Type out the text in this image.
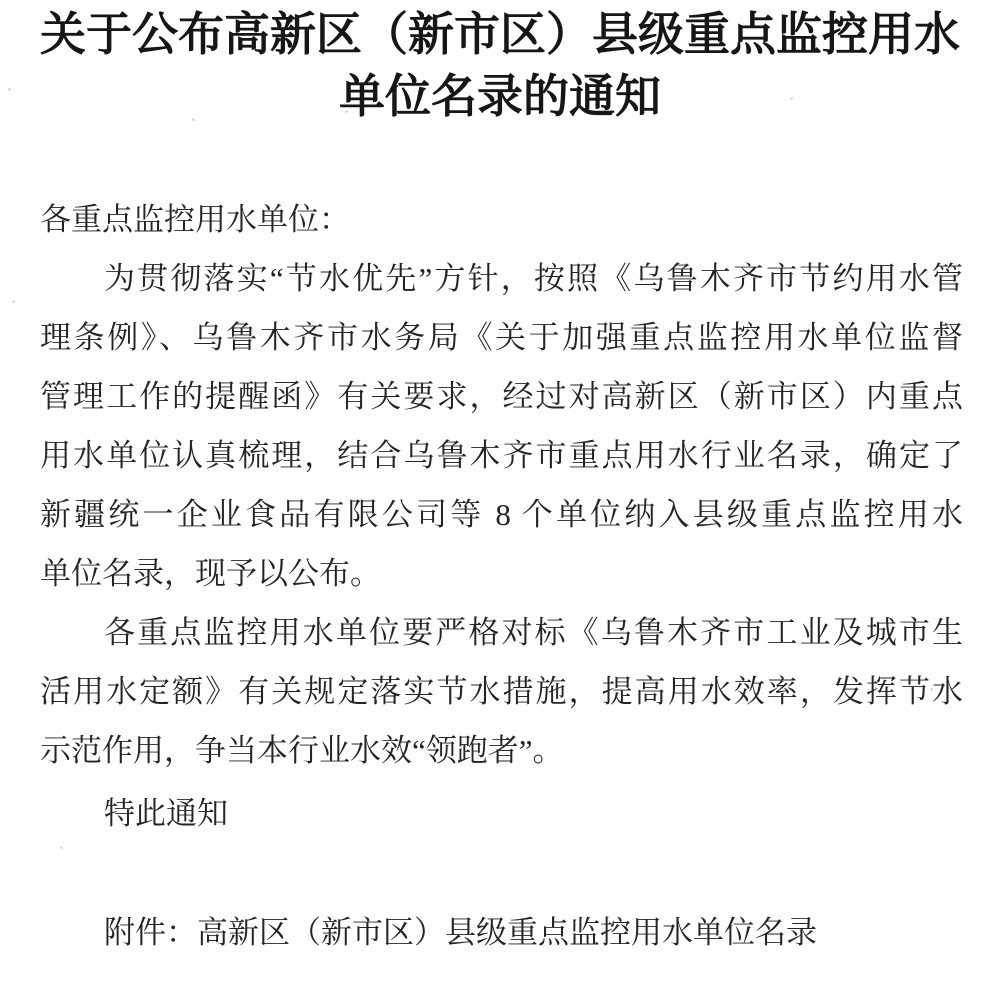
关于公布高新区（新市区）县级重点监控用水
单位名录的通知
各重点监控用水单位：
为贯彻落实“节水优先”方针，按照《乌鲁木齐市节约用水管
理条例》、乌鲁木齐市水务局《关于加强重点监控用水单位监督
管理工作的提醒函》有关要求，经过对高新区（新市区）内重点
用水单位认真梳理，结合乌鲁木齐市重点用水行业名录，确定了
新疆统一企业食品有限公司等 8 个单位纳入县级重点监控用水
单位名录，现予以公布。
各重点监控用水单位要严格对标《乌鲁木齐市工业及城市生
活用水定额》有关规定落实节水措施，提高用水效率，发挥节水
示范作用，争当本行业水效“领跑者”。
特此通知
附件：高新区（新市区）县级重点监控用水单位名录
